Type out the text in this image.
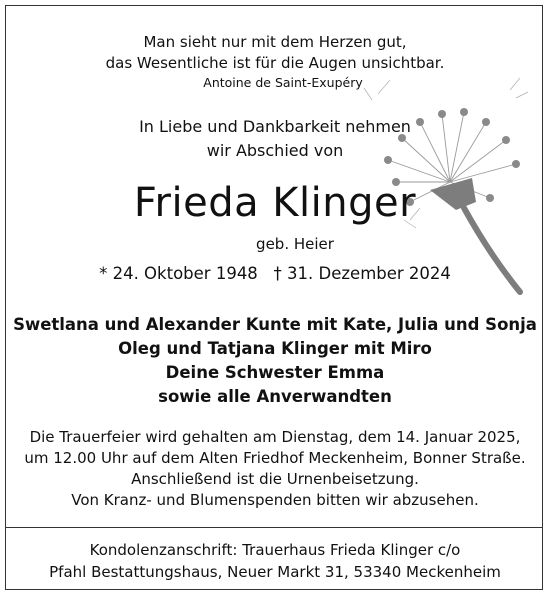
Man sieht nur mit dem Herzen gut,
das Wesentliche ist für die Augen unsichtbar.
Antoine de Saint-Exupéry
In Liebe und Dankbarkeit nehmen
wir Abschied von
Frieda Klinger
geb. Heier
* 24. Oktober 1948   † 31. Dezember 2024
Swetlana und Alexander Kunte mit Kate, Julia und Sonja
Oleg und Tatjana Klinger mit Miro
Deine Schwester Emma
sowie alle Anverwandten
Die Trauerfeier wird gehalten am Dienstag, dem 14. Januar 2025,
um 12.00 Uhr auf dem Alten Friedhof Meckenheim, Bonner Straße.
Anschließend ist die Urnenbeisetzung.
Von Kranz- und Blumenspenden bitten wir abzusehen.
Kondolenzanschrift: Trauerhaus Frieda Klinger c/o
Pfahl Bestattungshaus, Neuer Markt 31, 53340 Meckenheim
